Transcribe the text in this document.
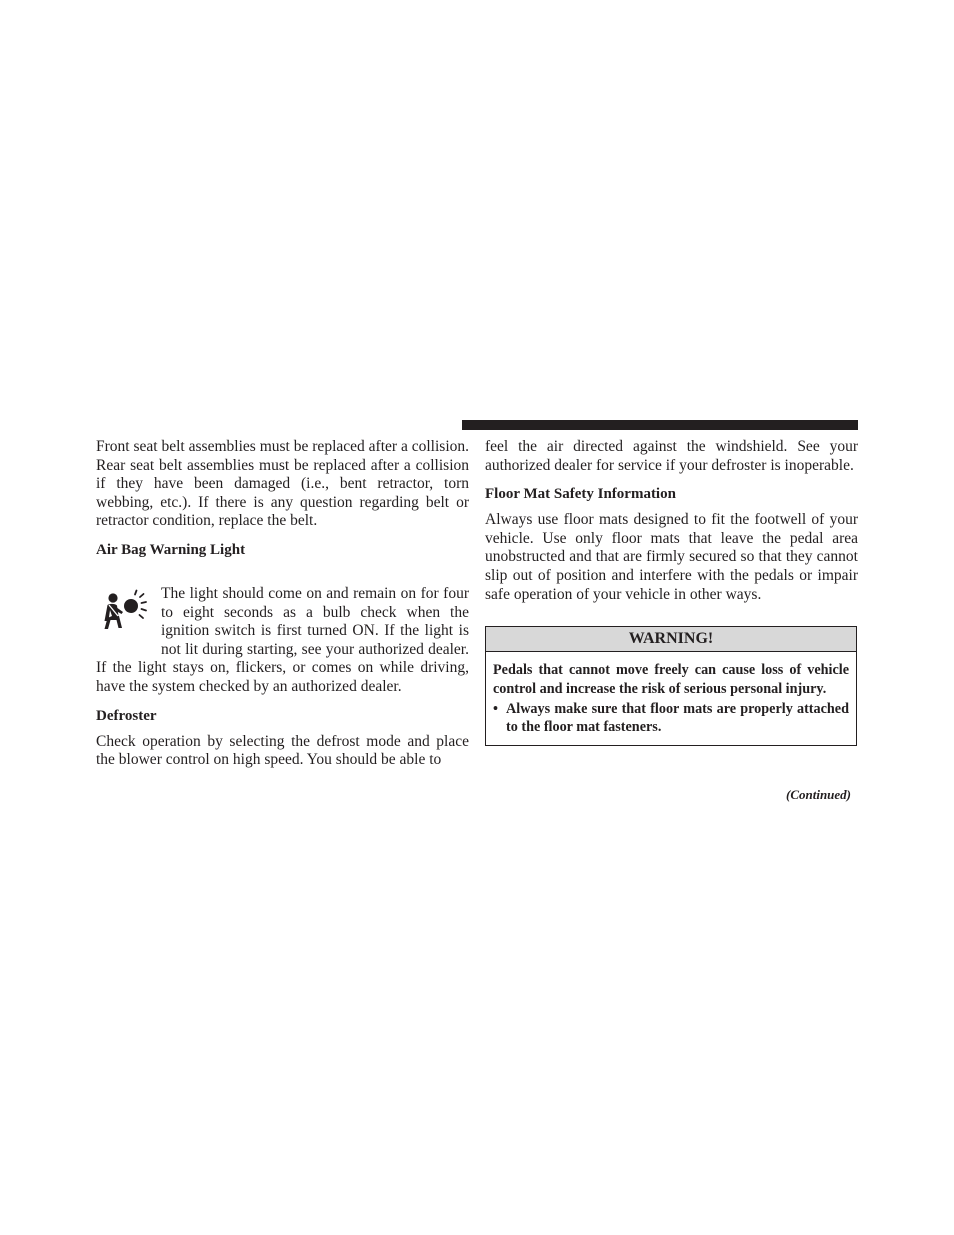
Front seat belt assemblies must be replaced after a collision. Rear seat belt assemblies must be replaced after a collision if they have been damaged (i.e., bent retractor, torn webbing, etc.). If there is any question regarding belt or retractor condition, replace the belt.

Air Bag Warning Light

The light should come on and remain on for four to eight seconds as a bulb check when the ignition switch is first turned ON. If the light is not lit during starting, see your authorized dealer. If the light stays on, flickers, or comes on while driving, have the system checked by an authorized dealer.

Defroster

Check operation by selecting the defrost mode and place the blower control on high speed. You should be able to

feel the air directed against the windshield. See your authorized dealer for service if your defroster is inoperable.

Floor Mat Safety Information

Always use floor mats designed to fit the footwell of your vehicle. Use only floor mats that leave the pedal area unobstructed and that are firmly secured so that they cannot slip out of position and interfere with the pedals or impair safe operation of your vehicle in other ways.

WARNING!

Pedals that cannot move freely can cause loss of vehicle control and increase the risk of serious personal injury.

• Always make sure that floor mats are properly attached to the floor mat fasteners.
(Continued)
